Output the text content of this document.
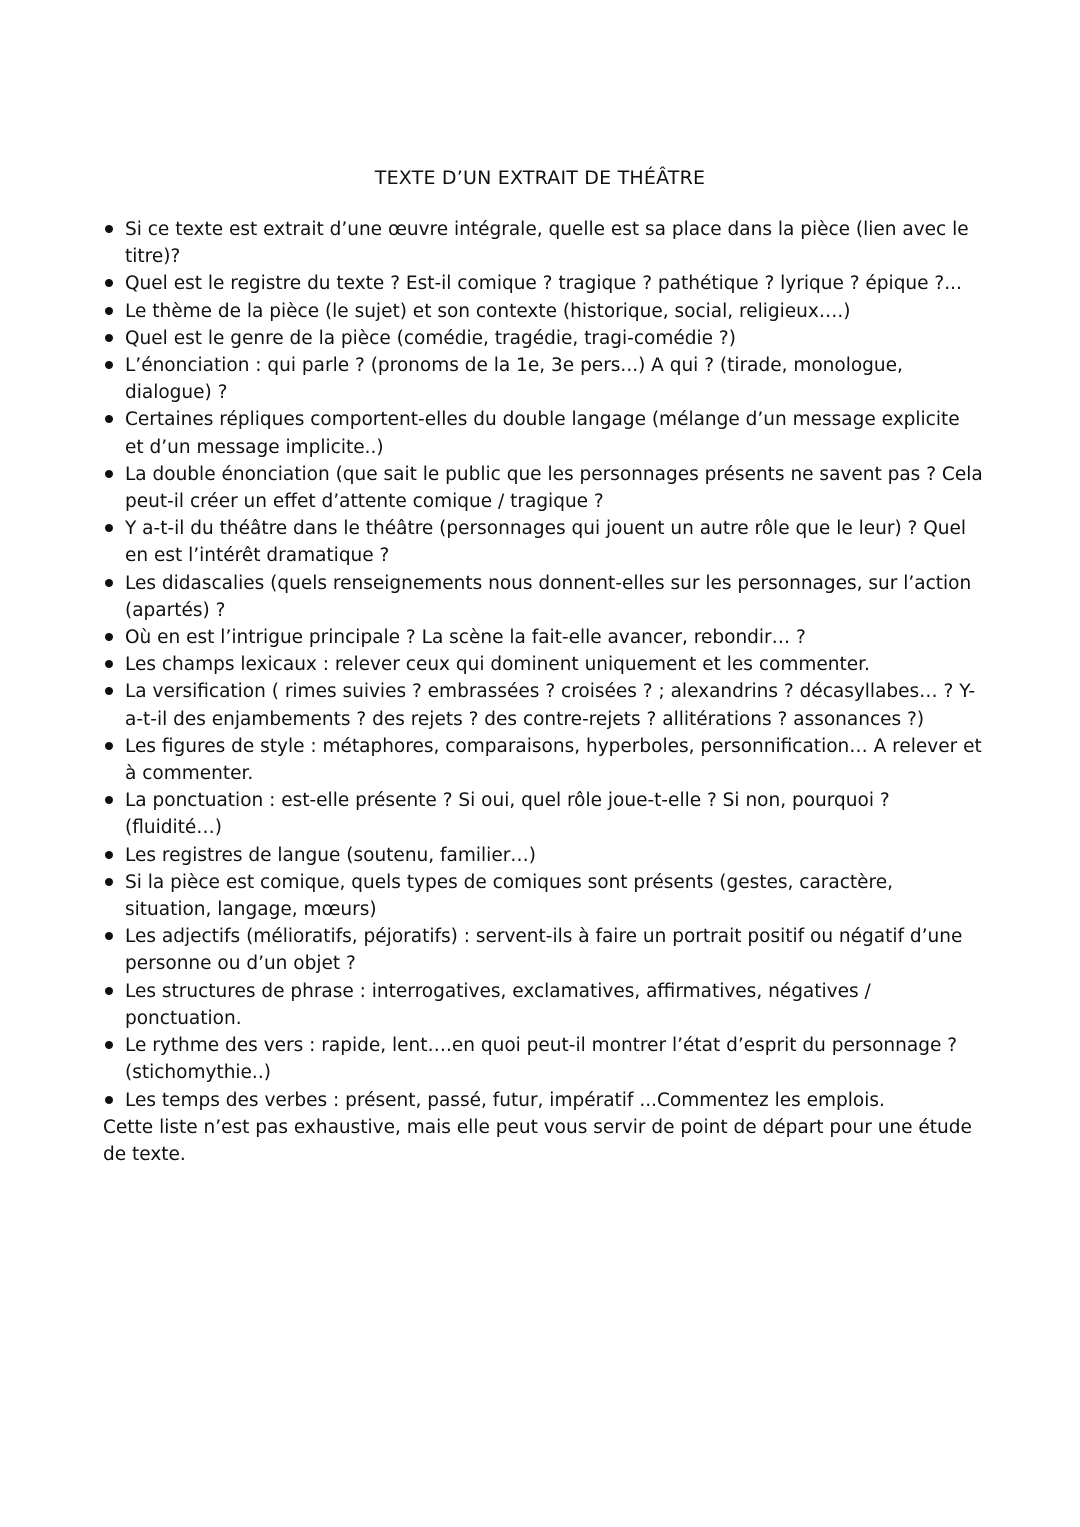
TEXTE D’UN EXTRAIT DE THÉÂTRE
Si ce texte est extrait d’une œuvre intégrale, quelle est sa place dans la pièce (lien avec le titre)?
Quel est le registre du texte ? Est-il comique ? tragique ? pathétique ? lyrique ? épique ?...
Le thème de la pièce (le sujet) et son contexte (historique, social, religieux….)
Quel est le genre de la pièce (comédie, tragédie, tragi-comédie ?)
L’énonciation : qui parle ? (pronoms de la 1e, 3e pers...) A qui ? (tirade, monologue, dialogue) ?
Certaines répliques comportent-elles du double langage (mélange d’un message explicite et d’un message implicite..)
La double énonciation (que sait le public que les personnages présents ne savent pas ? Cela peut-il créer un effet d’attente comique / tragique ?
Y a-t-il du théâtre dans le théâtre (personnages qui jouent un autre rôle que le leur) ? Quel en est l’intérêt dramatique ?
Les didascalies (quels renseignements nous donnent-elles sur les personnages, sur l’action (apartés) ?
Où en est l’intrigue principale ? La scène la fait-elle avancer, rebondir… ?
Les champs lexicaux : relever ceux qui dominent uniquement et les commenter.
La versification ( rimes suivies ? embrassées ? croisées ? ; alexandrins ? décasyllabes… ? Y-a-t-il des enjambements ? des rejets ? des contre-rejets ? allitérations ? assonances ?)
Les figures de style : métaphores, comparaisons, hyperboles, personnification… A relever et à commenter.
La ponctuation : est-elle présente ? Si oui, quel rôle joue-t-elle ? Si non, pourquoi ? (fluidité…)
Les registres de langue (soutenu, familier…)
Si la pièce est comique, quels types de comiques sont présents (gestes, caractère, situation, langage, mœurs)
Les adjectifs (mélioratifs, péjoratifs) : servent-ils à faire un portrait positif ou négatif d’une personne ou d’un objet ?
Les structures de phrase : interrogatives, exclamatives, affirmatives, négatives / ponctuation.
Le rythme des vers : rapide, lent….en quoi peut-il montrer l’état d’esprit du personnage ? (stichomythie..)
Les temps des verbes : présent, passé, futur, impératif ...Commentez les emplois.

Cette liste n’est pas exhaustive, mais elle peut vous servir de point de départ pour une étude de texte.
